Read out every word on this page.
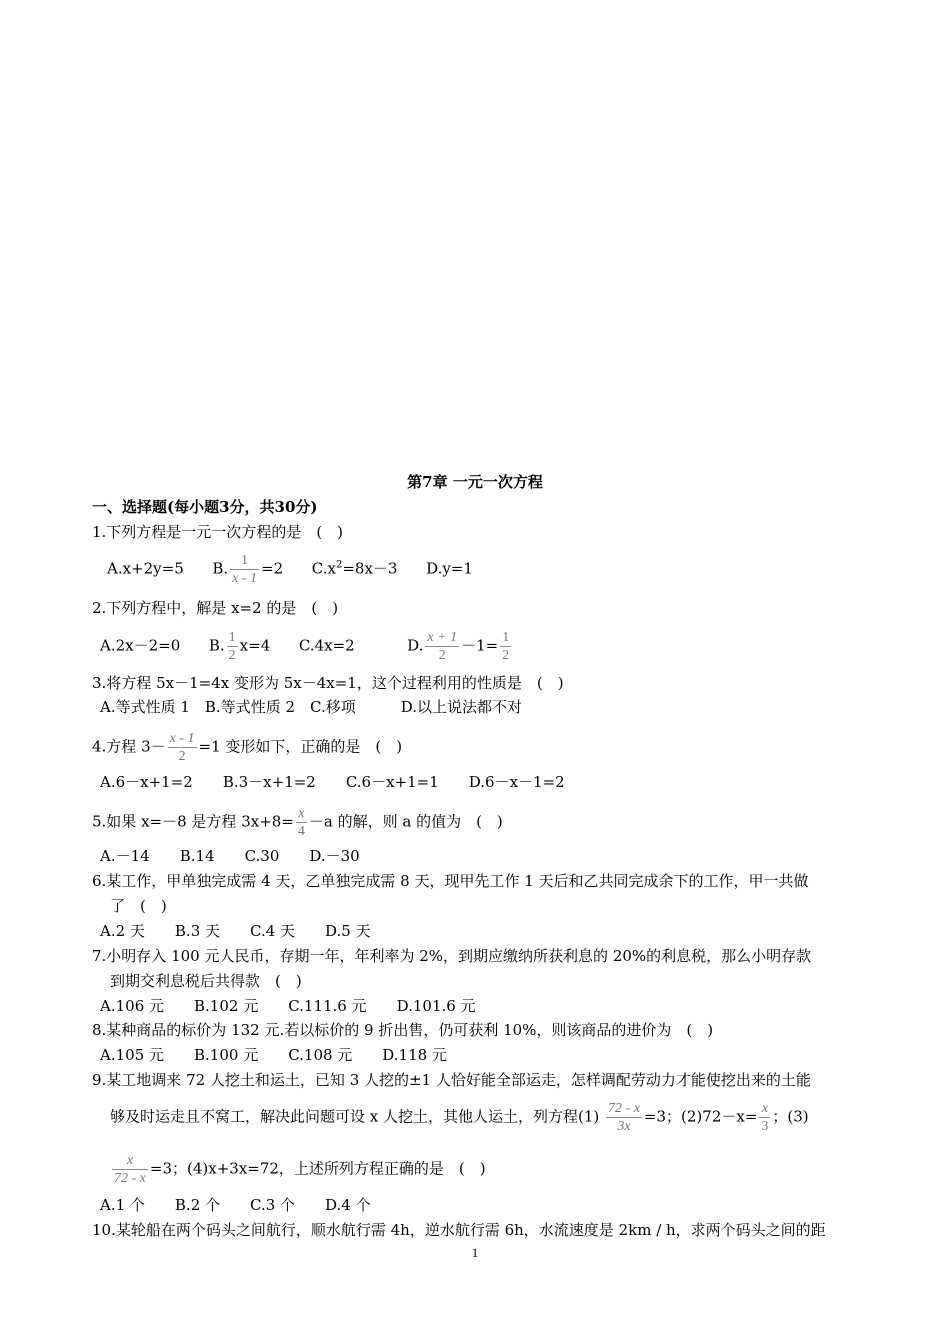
第7章 一元一次方程
一、选择题(每小题3分，共30分)
1.下列方程是一元一次方程的是　(　)
A.x+2y=5 B. $\frac{1}{x - 1} =2$ $C.x^2=8x-3$ D.y=1
2.下列方程中，解是 x=2 的是　(　)
A.2x－2=0 B. $\frac{1}{2} x=4$ C.4x=2	D. $\frac{x + 1}{2} -1= \frac{1}{2}$
3.将方程 5x－1=4x 变形为 5x－4x=1，这个过程利用的性质是　(　)
A.等式性质 1　B.等式性质 2　C.移项　　　D.以上说法都不对
4.方程 $3- \frac{x - 1}{2} =1$ 变形如下，正确的是　(　)
A.6－x+1=2　　B.3－x+1=2　　C.6－x+1=1　　D.6－x－1=2
5.如果 x=－8 是方程 $3x+8= \frac{x}{4} -a$ 的解，则 a 的值为　(　)
A.－14　　B.14　　C.30　　D.－30
6.某工作，甲单独完成需 4 天，乙单独完成需 8 天，现甲先工作 1 天后和乙共同完成余下的工作，甲一共做
了　(　)
A.2 天　　B.3 天　　C.4 天　　D.5 天
7.小明存入 100 元人民币，存期一年，年利率为 2%，到期应缴纳所获利息的 20%的利息税，那么小明存款
到期交利息税后共得款　(　)
A.106 元　　B.102 元　　C.111.6 元　　D.101.6 元
8.某种商品的标价为 132 元.若以标价的 9 折出售，仍可获利 10%，则该商品的进价为　(　)
A.105 元　　B.100 元　　C.108 元　　D.118 元
9.某工地调来 72 人挖土和运土，已知 3 人挖的±1 人恰好能全部运走，怎样调配劳动力才能使挖出来的土能
够及时运走且不窝工，解决此问题可设 x 人挖土，其他人运土，列方程$(1) \frac{72 - x}{3x} =3$；$(2)72-x= \frac{x}{3}$ ；(3)
$\frac{x}{72 - x} =3$；(4)x+3x=72，上述所列方程正确的是　(　)
A.1 个　　B.2 个　　C.3 个　　D.4 个
10.某轮船在两个码头之间航行，顺水航行需 4h，逆水航行需 6h，水流速度是 2km / h，求两个码头之间的距
1
